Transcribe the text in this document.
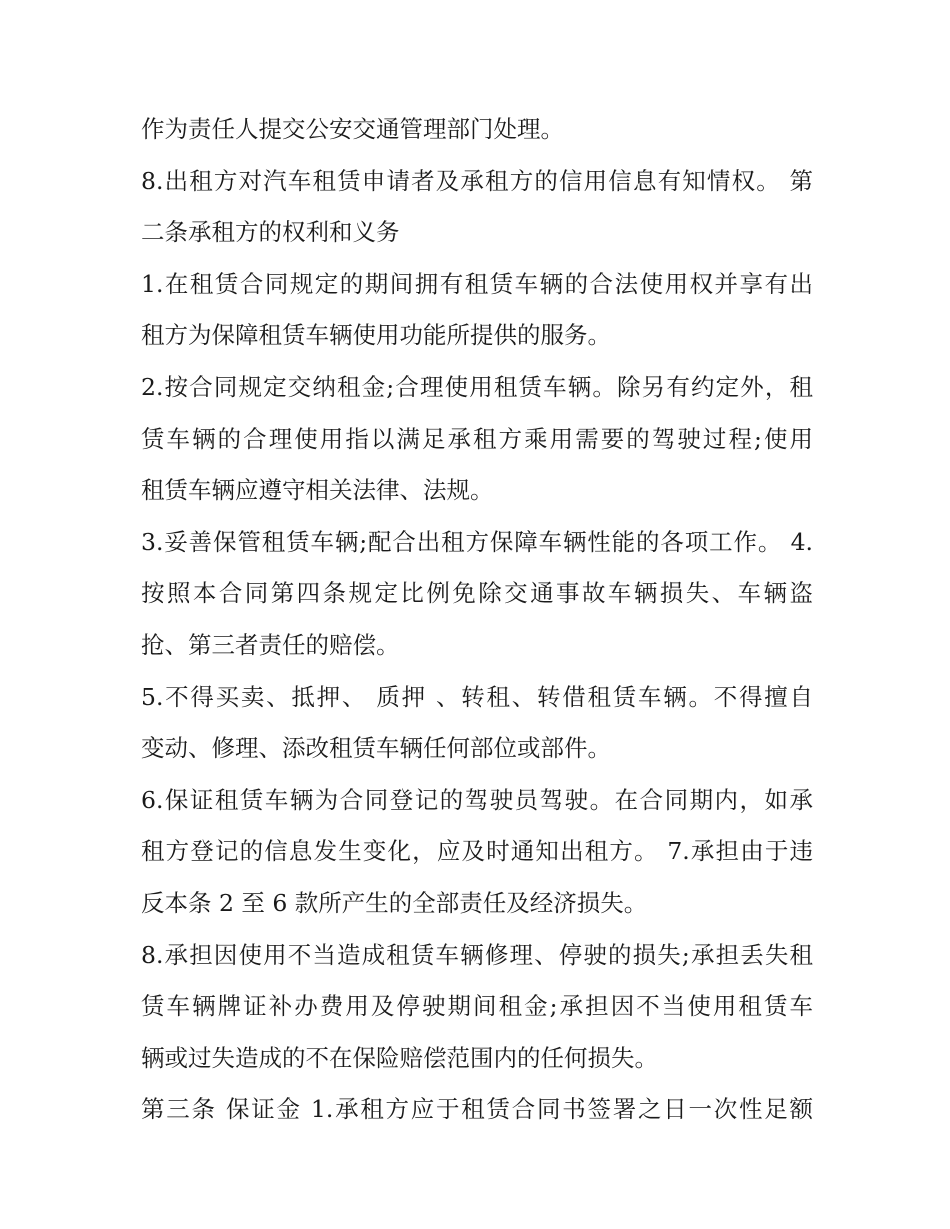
作为责任人提交公安交通管理部门处理。
8.出租方对汽车租赁申请者及承租方的信用信息有知情权。 第
二条承租方的权利和义务
1.在租赁合同规定的期间拥有租赁车辆的合法使用权并享有出
租方为保障租赁车辆使用功能所提供的服务。
2.按合同规定交纳租金;合理使用租赁车辆。除另有约定外，租
赁车辆的合理使用指以满足承租方乘用需要的驾驶过程;使用
租赁车辆应遵守相关法律、法规。
3.妥善保管租赁车辆;配合出租方保障车辆性能的各项工作。 4.
按照本合同第四条规定比例免除交通事故车辆损失、车辆盗
抢、第三者责任的赔偿。
5.不得买卖、抵押、 质押 、转租、转借租赁车辆。不得擅自
变动、修理、添改租赁车辆任何部位或部件。
6.保证租赁车辆为合同登记的驾驶员驾驶。在合同期内，如承
租方登记的信息发生变化，应及时通知出租方。 7.承担由于违
反本条 2 至 6 款所产生的全部责任及经济损失。
8.承担因使用不当造成租赁车辆修理、停驶的损失;承担丢失租
赁车辆牌证补办费用及停驶期间租金;承担因不当使用租赁车
辆或过失造成的不在保险赔偿范围内的任何损失。
第三条 保证金 1.承租方应于租赁合同书签署之日一次性足额
